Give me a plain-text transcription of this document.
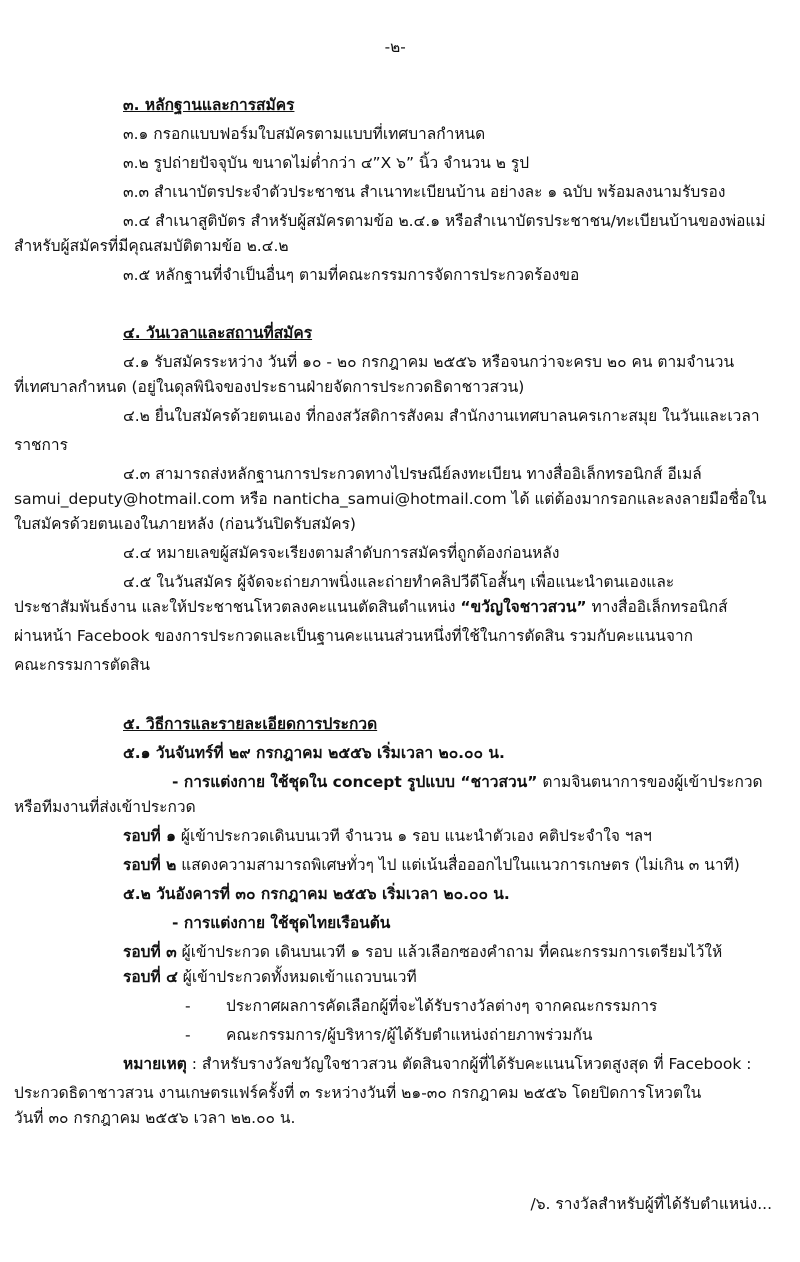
-๒-
๓. หลักฐานและการสมัคร
๓.๑ กรอกแบบฟอร์มใบสมัครตามแบบที่เทศบาลกำหนด
๓.๒ รูปถ่ายปัจจุบัน ขนาดไม่ต่ำกว่า ๔”X ๖” นิ้ว จำนวน ๒ รูป
๓.๓ สำเนาบัตรประจำตัวประชาชน สำเนาทะเบียนบ้าน อย่างละ ๑ ฉบับ พร้อมลงนามรับรอง
๓.๔ สำเนาสูติบัตร สำหรับผู้สมัครตามข้อ ๒.๔.๑ หรือสำเนาบัตรประชาชน/ทะเบียนบ้านของพ่อแม่
สำหรับผู้สมัครที่มีคุณสมบัติตามข้อ ๒.๔.๒
๓.๕ หลักฐานที่จำเป็นอื่นๆ ตามที่คณะกรรมการจัดการประกวดร้องขอ
๔. วันเวลาและสถานที่สมัคร
๔.๑ รับสมัครระหว่าง วันที่ ๑๐ - ๒๐ กรกฎาคม ๒๕๕๖ หรือจนกว่าจะครบ ๒๐ คน ตามจำนวน
ที่เทศบาลกำหนด (อยู่ในดุลพินิจของประธานฝ่ายจัดการประกวดธิดาชาวสวน)
๔.๒ ยื่นใบสมัครด้วยตนเอง ที่กองสวัสดิการสังคม สำนักงานเทศบาลนครเกาะสมุย ในวันและเวลา
ราชการ
๔.๓ สามารถส่งหลักฐานการประกวดทางไปรษณีย์ลงทะเบียน ทางสื่ออิเล็กทรอนิกส์ อีเมล์
samui_deputy@hotmail.com หรือ nanticha_samui@hotmail.com ได้ แต่ต้องมากรอกและลงลายมือชื่อใน
ใบสมัครด้วยตนเองในภายหลัง (ก่อนวันปิดรับสมัคร)
๔.๔ หมายเลขผู้สมัครจะเรียงตามลำดับการสมัครที่ถูกต้องก่อนหลัง
๔.๕ ในวันสมัคร ผู้จัดจะถ่ายภาพนิ่งและถ่ายทำคลิปวีดีโอสั้นๆ เพื่อแนะนำตนเองและ
ประชาสัมพันธ์งาน และให้ประชาชนโหวตลงคะแนนตัดสินตำแหน่ง “ขวัญใจชาวสวน” ทางสื่ออิเล็กทรอนิกส์
ผ่านหน้า Facebook ของการประกวดและเป็นฐานคะแนนส่วนหนึ่งที่ใช้ในการตัดสิน รวมกับคะแนนจาก
คณะกรรมการตัดสิน
๕. วิธีการและรายละเอียดการประกวด
๕.๑ วันจันทร์ที่ ๒๙ กรกฎาคม ๒๕๕๖ เริ่มเวลา ๒๐.๐๐ น.
- การแต่งกาย ใช้ชุดใน concept รูปแบบ “ชาวสวน” ตามจินตนาการของผู้เข้าประกวด
หรือทีมงานที่ส่งเข้าประกวด
รอบที่ ๑ ผู้เข้าประกวดเดินบนเวที จำนวน ๑ รอบ แนะนำตัวเอง คติประจำใจ ฯลฯ
รอบที่ ๒ แสดงความสามารถพิเศษทั่วๆ ไป แต่เน้นสื่อออกไปในแนวการเกษตร (ไม่เกิน ๓ นาที)
๕.๒ วันอังคารที่ ๓๐ กรกฎาคม ๒๕๕๖ เริ่มเวลา ๒๐.๐๐ น.
- การแต่งกาย ใช้ชุดไทยเรือนต้น
รอบที่ ๓ ผู้เข้าประกวด เดินบนเวที ๑ รอบ แล้วเลือกซองคำถาม ที่คณะกรรมการเตรียมไว้ให้
รอบที่ ๔ ผู้เข้าประกวดทั้งหมดเข้าแถวบนเวที
- ประกาศผลการคัดเลือกผู้ที่จะได้รับรางวัลต่างๆ จากคณะกรรมการ
- คณะกรรมการ/ผู้บริหาร/ผู้ได้รับตำแหน่งถ่ายภาพร่วมกัน
หมายเหตุ : สำหรับรางวัลขวัญใจชาวสวน ตัดสินจากผู้ที่ได้รับคะแนนโหวตสูงสุด ที่ Facebook :
ประกวดธิดาชาวสวน งานเกษตรแฟร์ครั้งที่ ๓ ระหว่างวันที่ ๒๑-๓๐ กรกฎาคม ๒๕๕๖ โดยปิดการโหวตใน
วันที่ ๓๐ กรกฎาคม ๒๕๕๖ เวลา ๒๒.๐๐ น.
/๖. รางวัลสำหรับผู้ที่ได้รับตำแหน่ง...
